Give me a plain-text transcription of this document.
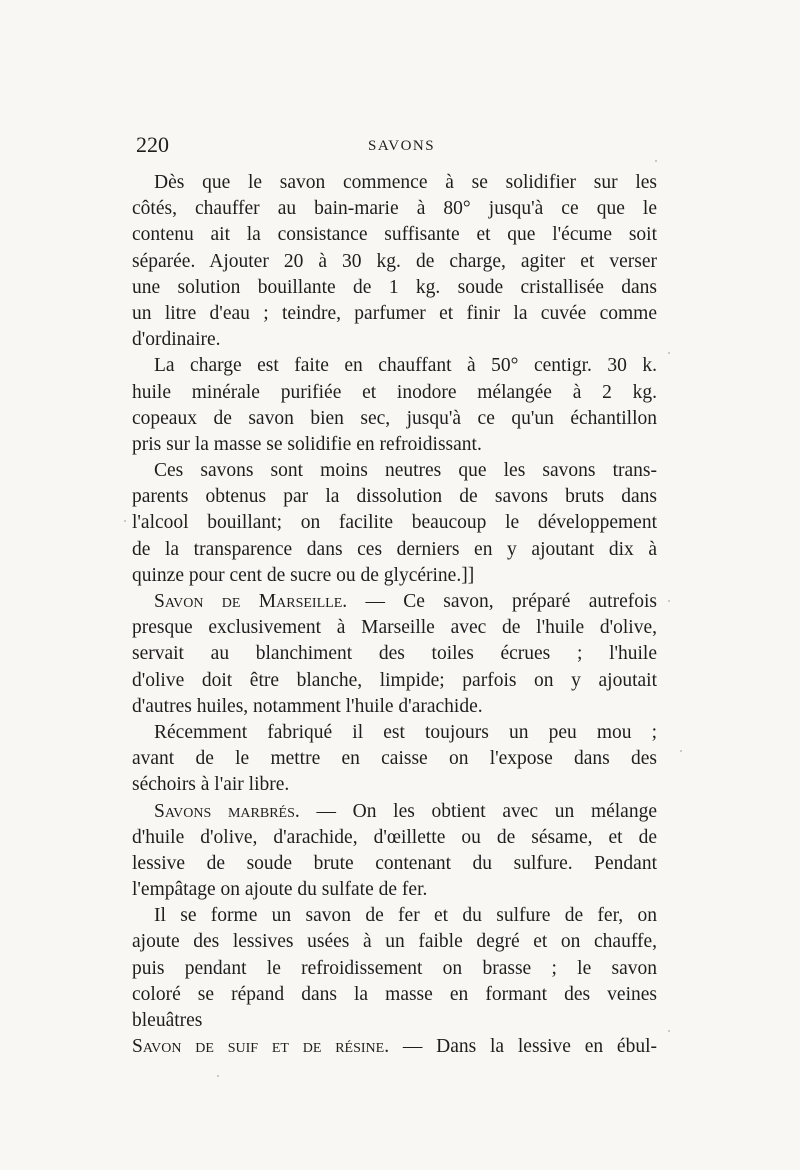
220	SAVONS
Dès que le savon commence à se solidifier sur les
côtés, chauffer au bain-marie à 80° jusqu'à ce que le
contenu ait la consistance suffisante et que l'écume soit
séparée. Ajouter 20 à 30 kg. de charge, agiter et verser
une solution bouillante de 1 kg. soude cristallisée dans
un litre d'eau ; teindre, parfumer et finir la cuvée comme
d'ordinaire.
La charge est faite en chauffant à 50° centigr. 30 k.
huile minérale purifiée et inodore mélangée à 2 kg.
copeaux de savon bien sec, jusqu'à ce qu'un échantillon
pris sur la masse se solidifie en refroidissant.
Ces savons sont moins neutres que les savons trans-
parents obtenus par la dissolution de savons bruts dans
l'alcool bouillant; on facilite beaucoup le développement
de la transparence dans ces derniers en y ajoutant dix à
quinze pour cent de sucre ou de glycérine.]]
Savon de Marseille. — Ce savon, préparé autrefois
presque exclusivement à Marseille avec de l'huile d'olive,
servait au blanchiment des toiles écrues ; l'huile
d'olive doit être blanche, limpide; parfois on y ajoutait
d'autres huiles, notamment l'huile d'arachide.
Récemment fabriqué il est toujours un peu mou ;
avant de le mettre en caisse on l'expose dans des
séchoirs à l'air libre.
Savons marbrés. — On les obtient avec un mélange
d'huile d'olive, d'arachide, d'œillette ou de sésame, et de
lessive de soude brute contenant du sulfure. Pendant
l'empâtage on ajoute du sulfate de fer.
Il se forme un savon de fer et du sulfure de fer, on
ajoute des lessives usées à un faible degré et on chauffe,
puis pendant le refroidissement on brasse ; le savon
coloré se répand dans la masse en formant des veines
bleuâtres
Savon de suif et de résine. — Dans la lessive en ébul-
